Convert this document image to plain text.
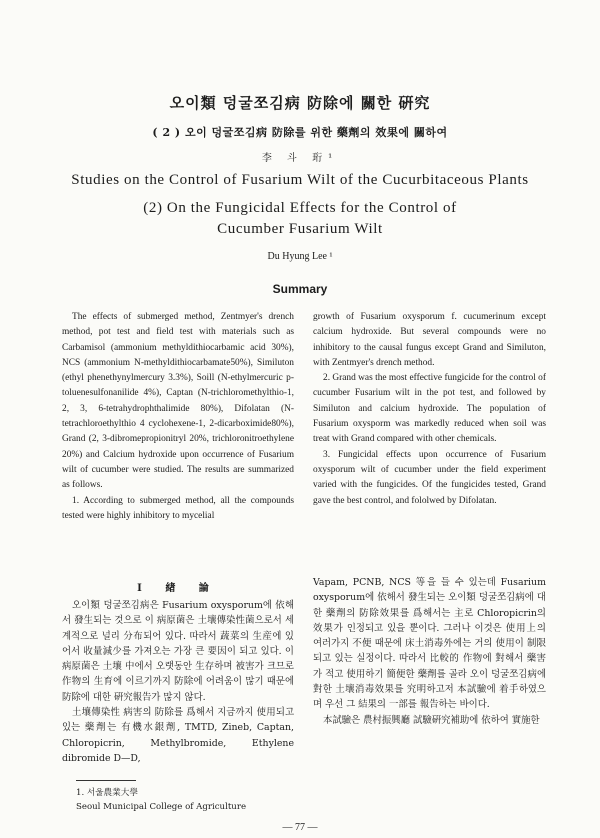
오이類 덩굴쪼김病 防除에 關한 硏究
( 2 ) 오이 덩굴쪼김病 防除를 위한 藥劑의 效果에 關하여
李 斗 珩¹
Studies on the Control of Fusarium Wilt of the Cucurbitaceous Plants
(2) On the Fungicidal Effects for the Control of
Cucumber Fusarium Wilt
Du Hyung Lee ¹
Summary

The effects of submerged method, Zentmyer's drench method, pot test and field test with materials such as Carbamisol (ammonium methyldithiocarbamic acid 30%), NCS (ammonium N-methyldithiocarbamate50%), Similuton (ethyl phenethynylmercury 3.3%), Soill (N-ethylmercuric p-toluenesulfonanilide 4%), Captan (N-trichloromethylthio-1, 2, 3, 6-tetrahydrophthalimide 80%), Difolatan (N-tetrachloroethylthio 4 cyclohexene-1, 2-dicarboximide80%), Grand (2, 3-dibromepropionitryl 20%, trichloronitroethylene 20%) and Calcium hydroxide upon occurrence of Fusarium wilt of cucumber were studied. The results are summarized as follows.

1. According to submerged method, all the compounds tested were highly inhibitory to mycelial

growth of Fusarium oxysporum f. cucumerinum except calcium hydroxide. But several compounds were no inhibitory to the causal fungus except Grand and Similuton, with Zentmyer's drench method.

2. Grand was the most effective fungicide for the control of cucumber Fusarium wilt in the pot test, and followed by Similuton and calcium hydroxide. The population of Fusarium oxysporm was markedly reduced when soil was treat with Grand compared with other chemicals.

3. Fungicidal effects upon occurrence of Fusarium oxysporum wilt of cucumber under the field experiment varied with the fungicides. Of the fungicides tested, Grand gave the best control, and fololwed by Difolatan.

I 緖 論

오이類 덩굴쪼김病은 Fusarium oxysporum에 依해서 發生되는 것으로 이 病原菌은 土壤傳染性菌으로서 세계적으로 널리 分布되어 있다. 따라서 蔬菜의 生産에 있어서 收量減少를 가져오는 가장 큰 要因이 되고 있다. 이 病原菌은 土壤 中에서 오랫동안 生存하며 被害가 크므로 作物의 生育에 이르기까지 防除에 어려움이 많기 때문에 防除에 대한 硏究報告가 많지 않다.

土壤傳染性 病害의 防除를 爲해서 지금까지 使用되고 있는 藥劑는 有機水銀劑, TMTD, Zineb, Captan, Chloropicrin, Methylbromide, Ethylene dibromide D—D,

Vapam, PCNB, NCS 等을 들 수 있는데 Fusarium oxysporum에 依해서 發生되는 오이類 덩굴쪼김病에 대한 藥劑의 防除效果를 爲해서는 主로 Chloropicrin의 效果가 인정되고 있을 뿐이다. 그러나 이것은 使用上의 여러가지 不便 때문에 床土消毒外에는 거의 使用이 制限되고 있는 실정이다. 따라서 比較的 作物에 對해서 藥害가 적고 使用하기 簡便한 藥劑를 골라 오이 덩굴쪼김病에 對한 土壤消毒效果를 究明하고저 本試驗에 着手하였으며 우선 그 結果의 一部를 報告하는 바이다.

本試驗은 農村振興廳 試驗硏究補助에 依하여 實施한

1. 서울農業大學
Seoul Municipal College of Agriculture
— 77 —
